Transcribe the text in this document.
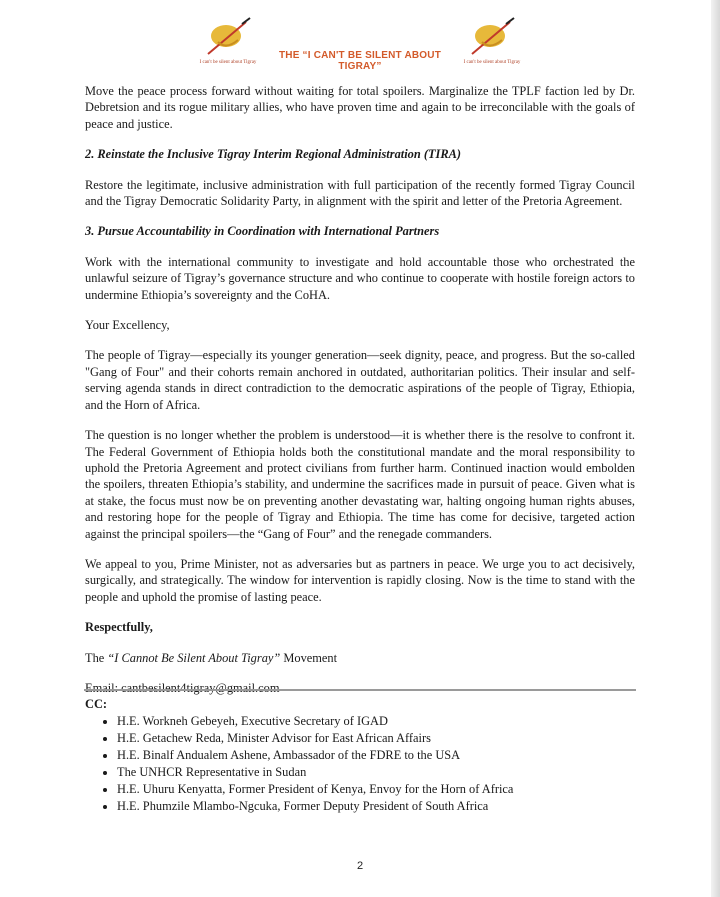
I can't be silent about Tigray
THE “I CAN'T BE SILENT ABOUT TIGRAY”	I can't be silent about Tigray

Move the peace process forward without waiting for total spoilers. Marginalize the TPLF faction led by Dr. Debretsion and its rogue military allies, who have proven time and again to be irreconcilable with the goals of peace and justice.

2. Reinstate the Inclusive Tigray Interim Regional Administration (TIRA)

Restore the legitimate, inclusive administration with full participation of the recently formed Tigray Council and the Tigray Democratic Solidarity Party, in alignment with the spirit and letter of the Pretoria Agreement.

3. Pursue Accountability in Coordination with International Partners

Work with the international community to investigate and hold accountable those who orchestrated the unlawful seizure of Tigray’s governance structure and who continue to cooperate with hostile foreign actors to undermine Ethiopia’s sovereignty and the CoHA.

Your Excellency,

The people of Tigray—especially its younger generation—seek dignity, peace, and progress. But the so-called "Gang of Four" and their cohorts remain anchored in outdated, authoritarian politics. Their insular and self-serving agenda stands in direct contradiction to the democratic aspirations of the people of Tigray, Ethiopia, and the Horn of Africa.

The question is no longer whether the problem is understood—it is whether there is the resolve to confront it. The Federal Government of Ethiopia holds both the constitutional mandate and the moral responsibility to uphold the Pretoria Agreement and protect civilians from further harm. Continued inaction would embolden the spoilers, threaten Ethiopia’s stability, and undermine the sacrifices made in pursuit of peace. Given what is at stake, the focus must now be on preventing another devastating war, halting ongoing human rights abuses, and restoring hope for the people of Tigray and Ethiopia. The time has come for decisive, targeted action against the principal spoilers—the “Gang of Four” and the renegade commanders.

We appeal to you, Prime Minister, not as adversaries but as partners in peace. We urge you to act decisively, surgically, and strategically. The window for intervention is rapidly closing. Now is the time to stand with the people and uphold the promise of lasting peace.

Respectfully,

The “I Cannot Be Silent About Tigray” Movement

Email: cantbesilent4tigray@gmail.com

CC:

• H.E. Workneh Gebeyeh, Executive Secretary of IGAD
• H.E. Getachew Reda, Minister Advisor for East African Affairs
• H.E. Binalf Andualem Ashene, Ambassador of the FDRE to the USA
• The UNHCR Representative in Sudan
• H.E. Uhuru Kenyatta, Former President of Kenya, Envoy for the Horn of Africa
• H.E. Phumzile Mlambo-Ngcuka, Former Deputy President of South Africa
2
